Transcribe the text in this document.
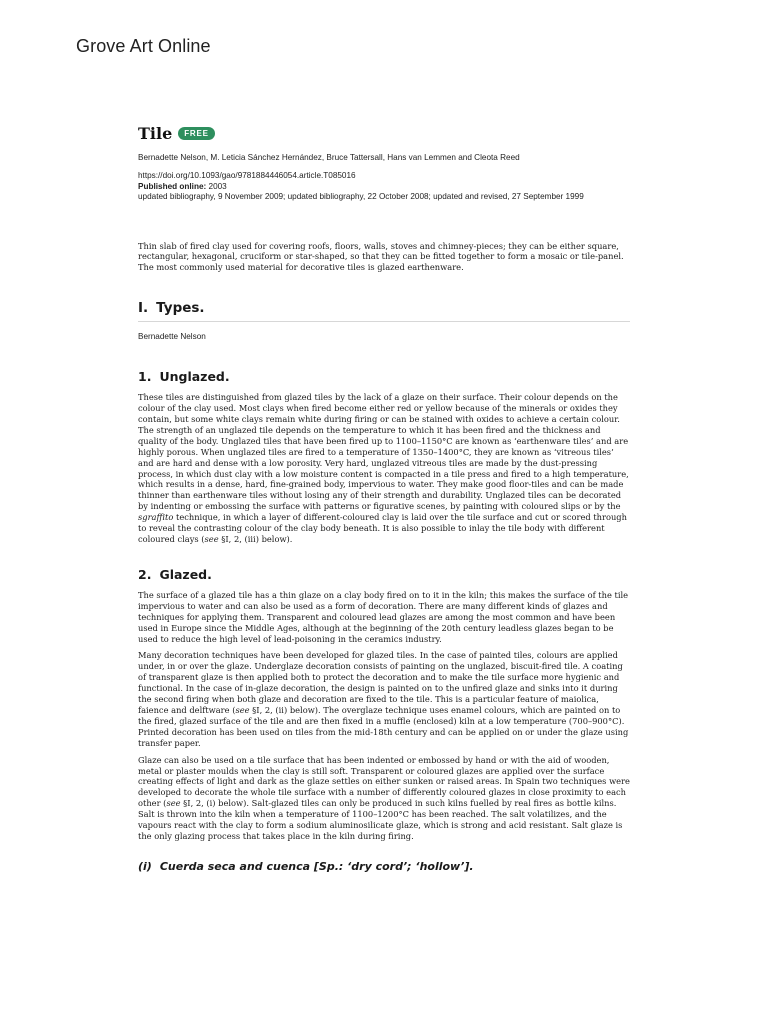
Grove Art Online
Tile	FREE
Bernadette Nelson, M. Leticia Sánchez Hernández, Bruce Tattersall, Hans van Lemmen and Cleota Reed
https://doi.org/10.1093/gao/9781884446054.article.T085016
Published online: 2003
updated bibliography, 9 November 2009; updated bibliography, 22 October 2008; updated and revised, 27 September 1999

Thin slab of fired clay used for covering roofs, floors, walls, stoves and chimney-pieces; they can be either square, rectangular, hexagonal, cruciform or star-shaped, so that they can be fitted together to form a mosaic or tile-panel. The most commonly used material for decorative tiles is glazed earthenware.

I. Types.
Bernadette Nelson
1. Unglazed.

These tiles are distinguished from glazed tiles by the lack of a glaze on their surface. Their colour depends on the colour of the clay used. Most clays when fired become either red or yellow because of the minerals or oxides they contain, but some white clays remain white during firing or can be stained with oxides to achieve a certain colour. The strength of an unglazed tile depends on the temperature to which it has been fired and the thickness and quality of the body. Unglazed tiles that have been fired up to 1100–1150°C are known as ‘earthenware tiles’ and are highly porous. When unglazed tiles are fired to a temperature of 1350–1400°C, they are known as ‘vitreous tiles’ and are hard and dense with a low porosity. Very hard, unglazed vitreous tiles are made by the dust-pressing process, in which dust clay with a low moisture content is compacted in a tile press and fired to a high temperature, which results in a dense, hard, fine-grained body, impervious to water. They make good floor-tiles and can be made thinner than earthenware tiles without losing any of their strength and durability. Unglazed tiles can be decorated by indenting or embossing the surface with patterns or figurative scenes, by painting with coloured slips or by the sgraffito technique, in which a layer of different-coloured clay is laid over the tile surface and cut or scored through to reveal the contrasting colour of the clay body beneath. It is also possible to inlay the tile body with different coloured clays (see §I, 2, (iii) below).

2. Glazed.

The surface of a glazed tile has a thin glaze on a clay body fired on to it in the kiln; this makes the surface of the tile impervious to water and can also be used as a form of decoration. There are many different kinds of glazes and techniques for applying them. Transparent and coloured lead glazes are among the most common and have been used in Europe since the Middle Ages, although at the beginning of the 20th century leadless glazes began to be used to reduce the high level of lead-poisoning in the ceramics industry.

Many decoration techniques have been developed for glazed tiles. In the case of painted tiles, colours are applied under, in or over the glaze. Underglaze decoration consists of painting on the unglazed, biscuit-fired tile. A coating of transparent glaze is then applied both to protect the decoration and to make the tile surface more hygienic and functional. In the case of in-glaze decoration, the design is painted on to the unfired glaze and sinks into it during the second firing when both glaze and decoration are fixed to the tile. This is a particular feature of maiolica, faience and delftware (see §I, 2, (ii) below). The overglaze technique uses enamel colours, which are painted on to the fired, glazed surface of the tile and are then fixed in a muffle (enclosed) kiln at a low temperature (700–900°C). Printed decoration has been used on tiles from the mid-18th century and can be applied on or under the glaze using transfer paper.

Glaze can also be used on a tile surface that has been indented or embossed by hand or with the aid of wooden, metal or plaster moulds when the clay is still soft. Transparent or coloured glazes are applied over the surface creating effects of light and dark as the glaze settles on either sunken or raised areas. In Spain two techniques were developed to decorate the whole tile surface with a number of differently coloured glazes in close proximity to each other (see §I, 2, (i) below). Salt-glazed tiles can only be produced in such kilns fuelled by real fires as bottle kilns. Salt is thrown into the kiln when a temperature of 1100–1200°C has been reached. The salt volatilizes, and the vapours react with the clay to form a sodium aluminosilicate glaze, which is strong and acid resistant. Salt glaze is the only glazing process that takes place in the kiln during firing.

(i) Cuerda seca and cuenca [Sp.: ‘dry cord’; ‘hollow’].
